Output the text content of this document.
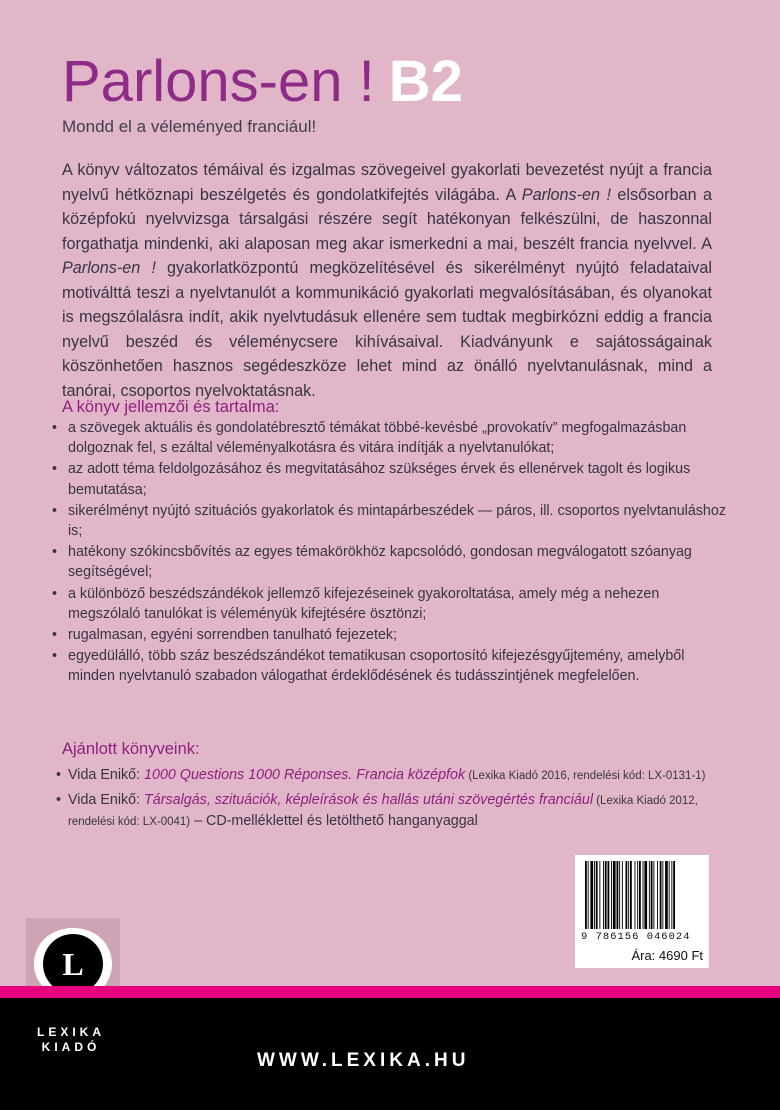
Parlons-en ! B2
Mondd el a véleményed franciául!
A könyv változatos témáival és izgalmas szövegeivel gyakorlati bevezetést nyújt a francia nyelvű hétköznapi beszélgetés és gondolatkifejtés világába. A Parlons-en ! elsősorban a középfokú nyelvvizsga társalgási részére segít hatékonyan felkészülni, de haszonnal forgathatja mindenki, aki alaposan meg akar ismerkedni a mai, beszélt francia nyelvvel. A Parlons-en ! gyakorlatközpontú megközelítésével és sikerélményt nyújtó feladataival motiválttá teszi a nyelvtanulót a kommunikáció gyakorlati megvalósításában, és olyanokat is megszólalásra indít, akik nyelvtudásuk ellenére sem tudtak megbirkózni eddig a francia nyelvű beszéd és véleménycsere kihívásaival. Kiadványunk e sajátosságainak köszönhetően hasznos segédeszköze lehet mind az önálló nyelvtanulásnak, mind a tanórai, csoportos nyelvoktatásnak.
A könyv jellemzői és tartalma:
• a szövegek aktuális és gondolatébresztő témákat többé-kevésbé „provokatív” megfogalmazásban dolgoznak fel, s ezáltal véleményalkotásra és vitára indítják a nyelvtanulókat;
• az adott téma feldolgozásához és megvitatásához szükséges érvek és ellenérvek tagolt és logikus bemutatása;
• sikerélményt nyújtó szituációs gyakorlatok és mintapárbeszédek — páros, ill. csoportos nyelvtanuláshoz is;
• hatékony szókincsbővítés az egyes témakörökhöz kapcsolódó, gondosan megválogatott szóanyag segítségével;
• a különböző beszédszándékok jellemző kifejezéseinek gyakoroltatása, amely még a nehezen megszólaló tanulókat is véleményük kifejtésére ösztönzi;
• rugalmasan, egyéni sorrendben tanulható fejezetek;
• egyedülálló, több száz beszédszándékot tematikusan csoportosító kifejezésgyűjtemény, amelyből minden nyelvtanuló szabadon válogathat érdeklődésének és tudásszintjének megfelelően.
Ajánlott könyveink:
• Vida Enikő: 1000 Questions 1000 Réponses. Francia középfok (Lexika Kiadó 2016, rendelési kód: LX-0131-1)
• Vida Enikő: Társalgás, szituációk, képleírások és hallás utáni szövegértés franciául (Lexika Kiadó 2012, rendelési kód: LX-0041) – CD-melléklettel és letölthető hanganyaggal
9 786156 046024
Ára: 4690 Ft
L
LEXIKA
KIADÓ
WWW.LEXIKA.HU
